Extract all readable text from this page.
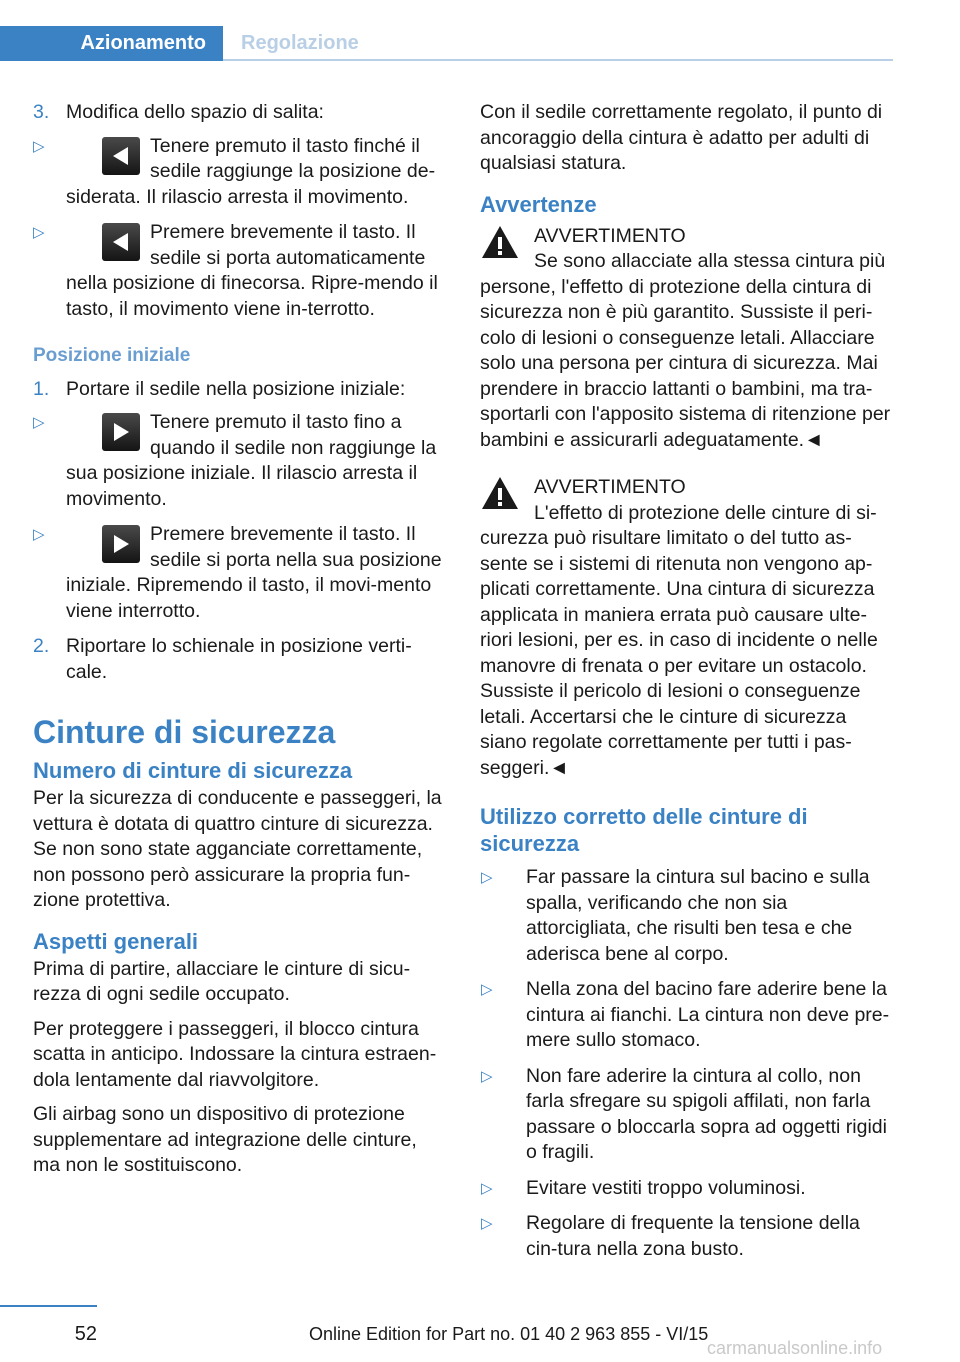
Azionamento Regolazione
3. Modifica dello spazio di salita:
▷	Tenere premuto il tasto finché il sedile raggiunge la posizione de-siderata. Il rilascio arresta il movimento.
▷	Premere brevemente il tasto. Il sedile si porta automaticamente nella posizione di finecorsa. Ripre-mendo il tasto, il movimento viene in-terrotto.
Posizione iniziale
1. Portare il sedile nella posizione iniziale:
▷	Tenere premuto il tasto fino a quando il sedile non raggiunge la sua posizione iniziale. Il rilascio arresta il movimento.
▷	Premere brevemente il tasto. Il sedile si porta nella sua posizione iniziale. Ripremendo il tasto, il movi-mento viene interrotto.
2. Riportare lo schienale in posizione verti-cale.
Cinture di sicurezza
Numero di cinture di sicurezza

Per la sicurezza di conducente e passeggeri, la vettura è dotata di quattro cinture di sicurezza. Se non sono state agganciate correttamente, non possono però assicurare la propria fun-zione protettiva.

Aspetti generali

Prima di partire, allacciare le cinture di sicu-rezza di ogni sedile occupato.

Per proteggere i passeggeri, il blocco cintura scatta in anticipo. Indossare la cintura estraen-dola lentamente dal riavvolgitore.

Gli airbag sono un dispositivo di protezione supplementare ad integrazione delle cinture, ma non le sostituiscono.

Con il sedile correttamente regolato, il punto di ancoraggio della cintura è adatto per adulti di qualsiasi statura.

Avvertenze
AVVERTIMENTO
Se sono allacciate alla stessa cintura più persone, l'effetto di protezione della cintura di sicurezza non è più garantito. Sussiste il peri-colo di lesioni o conseguenze letali. Allacciare solo una persona per cintura di sicurezza. Mai prendere in braccio lattanti o bambini, ma tra-sportarli con l'apposito sistema di ritenzione per bambini e assicurarli adeguatamente.◄
AVVERTIMENTO
L'effetto di protezione delle cinture di si-curezza può risultare limitato o del tutto as-sente se i sistemi di ritenuta non vengono ap-plicati correttamente. Una cintura di sicurezza applicata in maniera errata può causare ulte-riori lesioni, per es. in caso di incidente o nelle manovre di frenata o per evitare un ostacolo. Sussiste il pericolo di lesioni o conseguenze letali. Accertarsi che le cinture di sicurezza siano regolate correttamente per tutti i pas-seggeri.◄
Utilizzo corretto delle cinture di sicurezza
▷ Far passare la cintura sul bacino e sulla spalla, verificando che non sia attorcigliata, che risulti ben tesa e che aderisca bene al corpo.
▷ Nella zona del bacino fare aderire bene la cintura ai fianchi. La cintura non deve pre-mere sullo stomaco.
▷ Non fare aderire la cintura al collo, non farla sfregare su spigoli affilati, non farla passare o bloccarla sopra ad oggetti rigidi o fragili.
▷ Evitare vestiti troppo voluminosi.
▷ Regolare di frequente la tensione della cin-tura nella zona busto.
52	Online Edition for Part no. 01 40 2 963 855 - VI/15
carmanualsonline.info
